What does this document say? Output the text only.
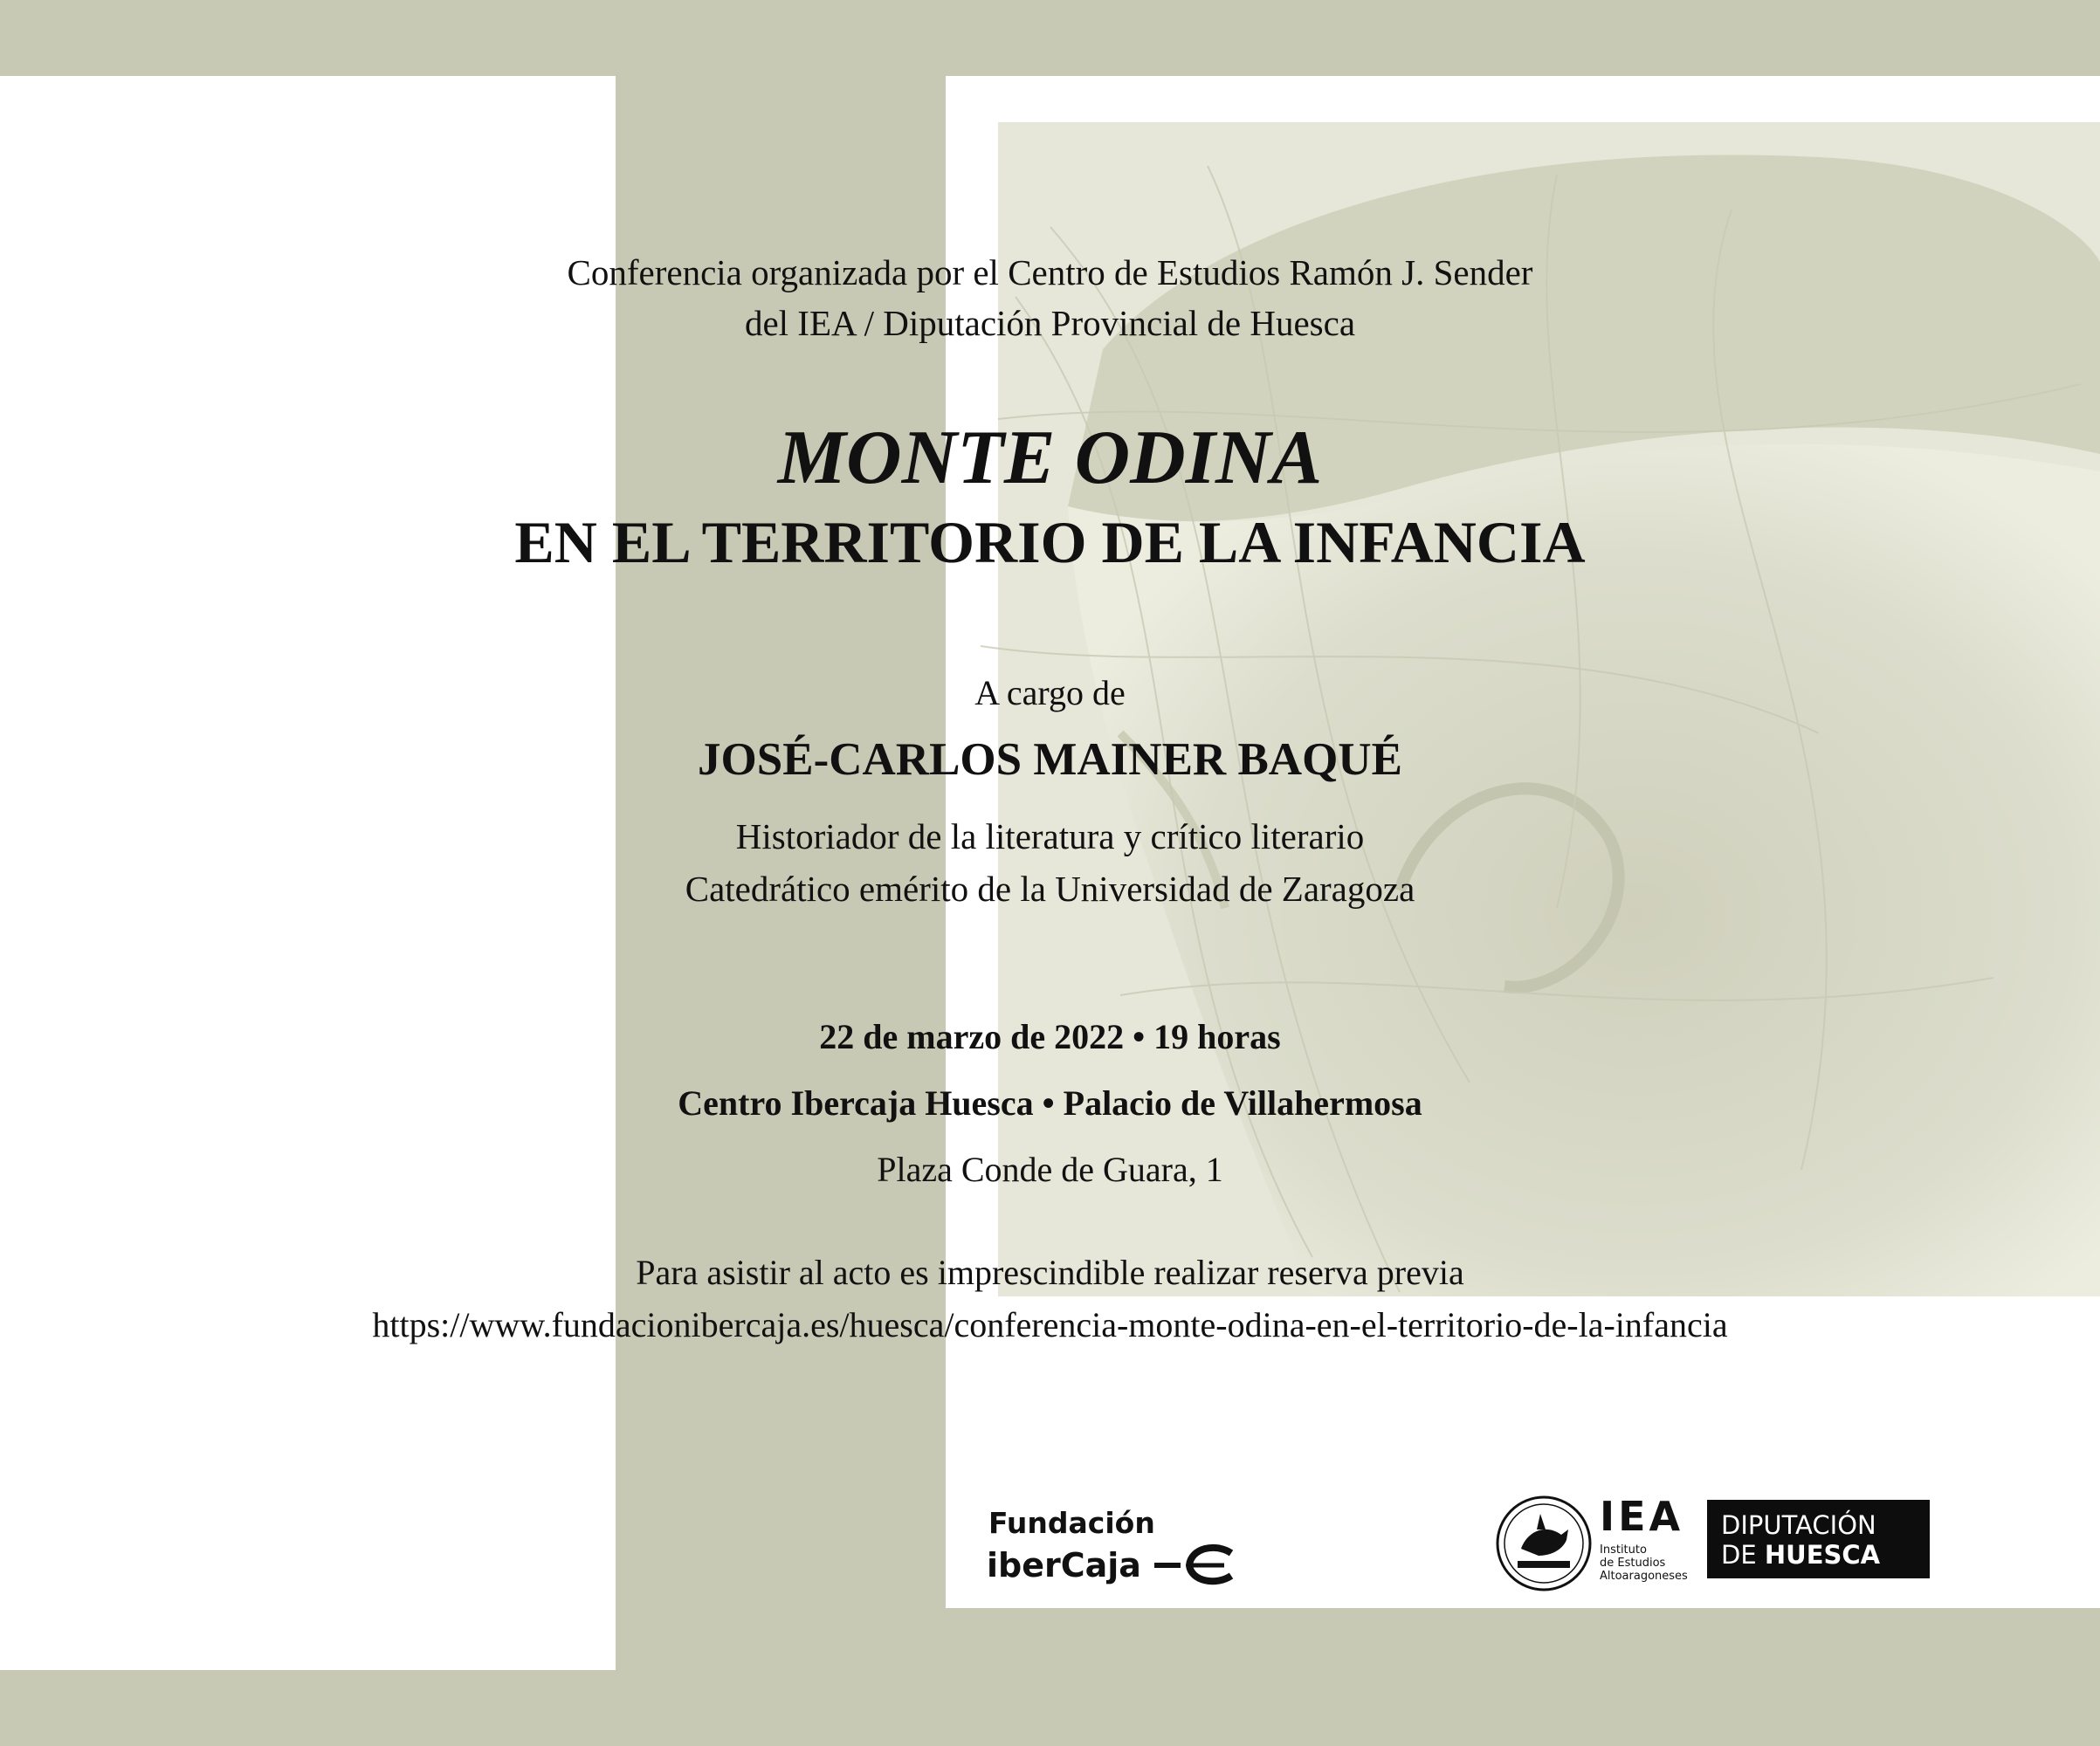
Conferencia organizada por el Centro de Estudios Ramón J. Sender
del IEA / Diputación Provincial de Huesca
MONTE ODINA
EN EL TERRITORIO DE LA INFANCIA
A cargo de
JOSÉ-CARLOS MAINER BAQUÉ
Historiador de la literatura y crítico literario
Catedrático emérito de la Universidad de Zaragoza
22 de marzo de 2022 • 19 horas
Centro Ibercaja Huesca • Palacio de Villahermosa
Plaza Conde de Guara, 1
Para asistir al acto es imprescindible realizar reserva previa
https://www.fundacionibercaja.es/huesca/conferencia-monte-odina-en-el-territorio-de-la-infancia
Fundación
iberCaja
IEA
Instituto
de Estudios
Altoaragoneses
DIPUTACIÓN
DE HUESCA
